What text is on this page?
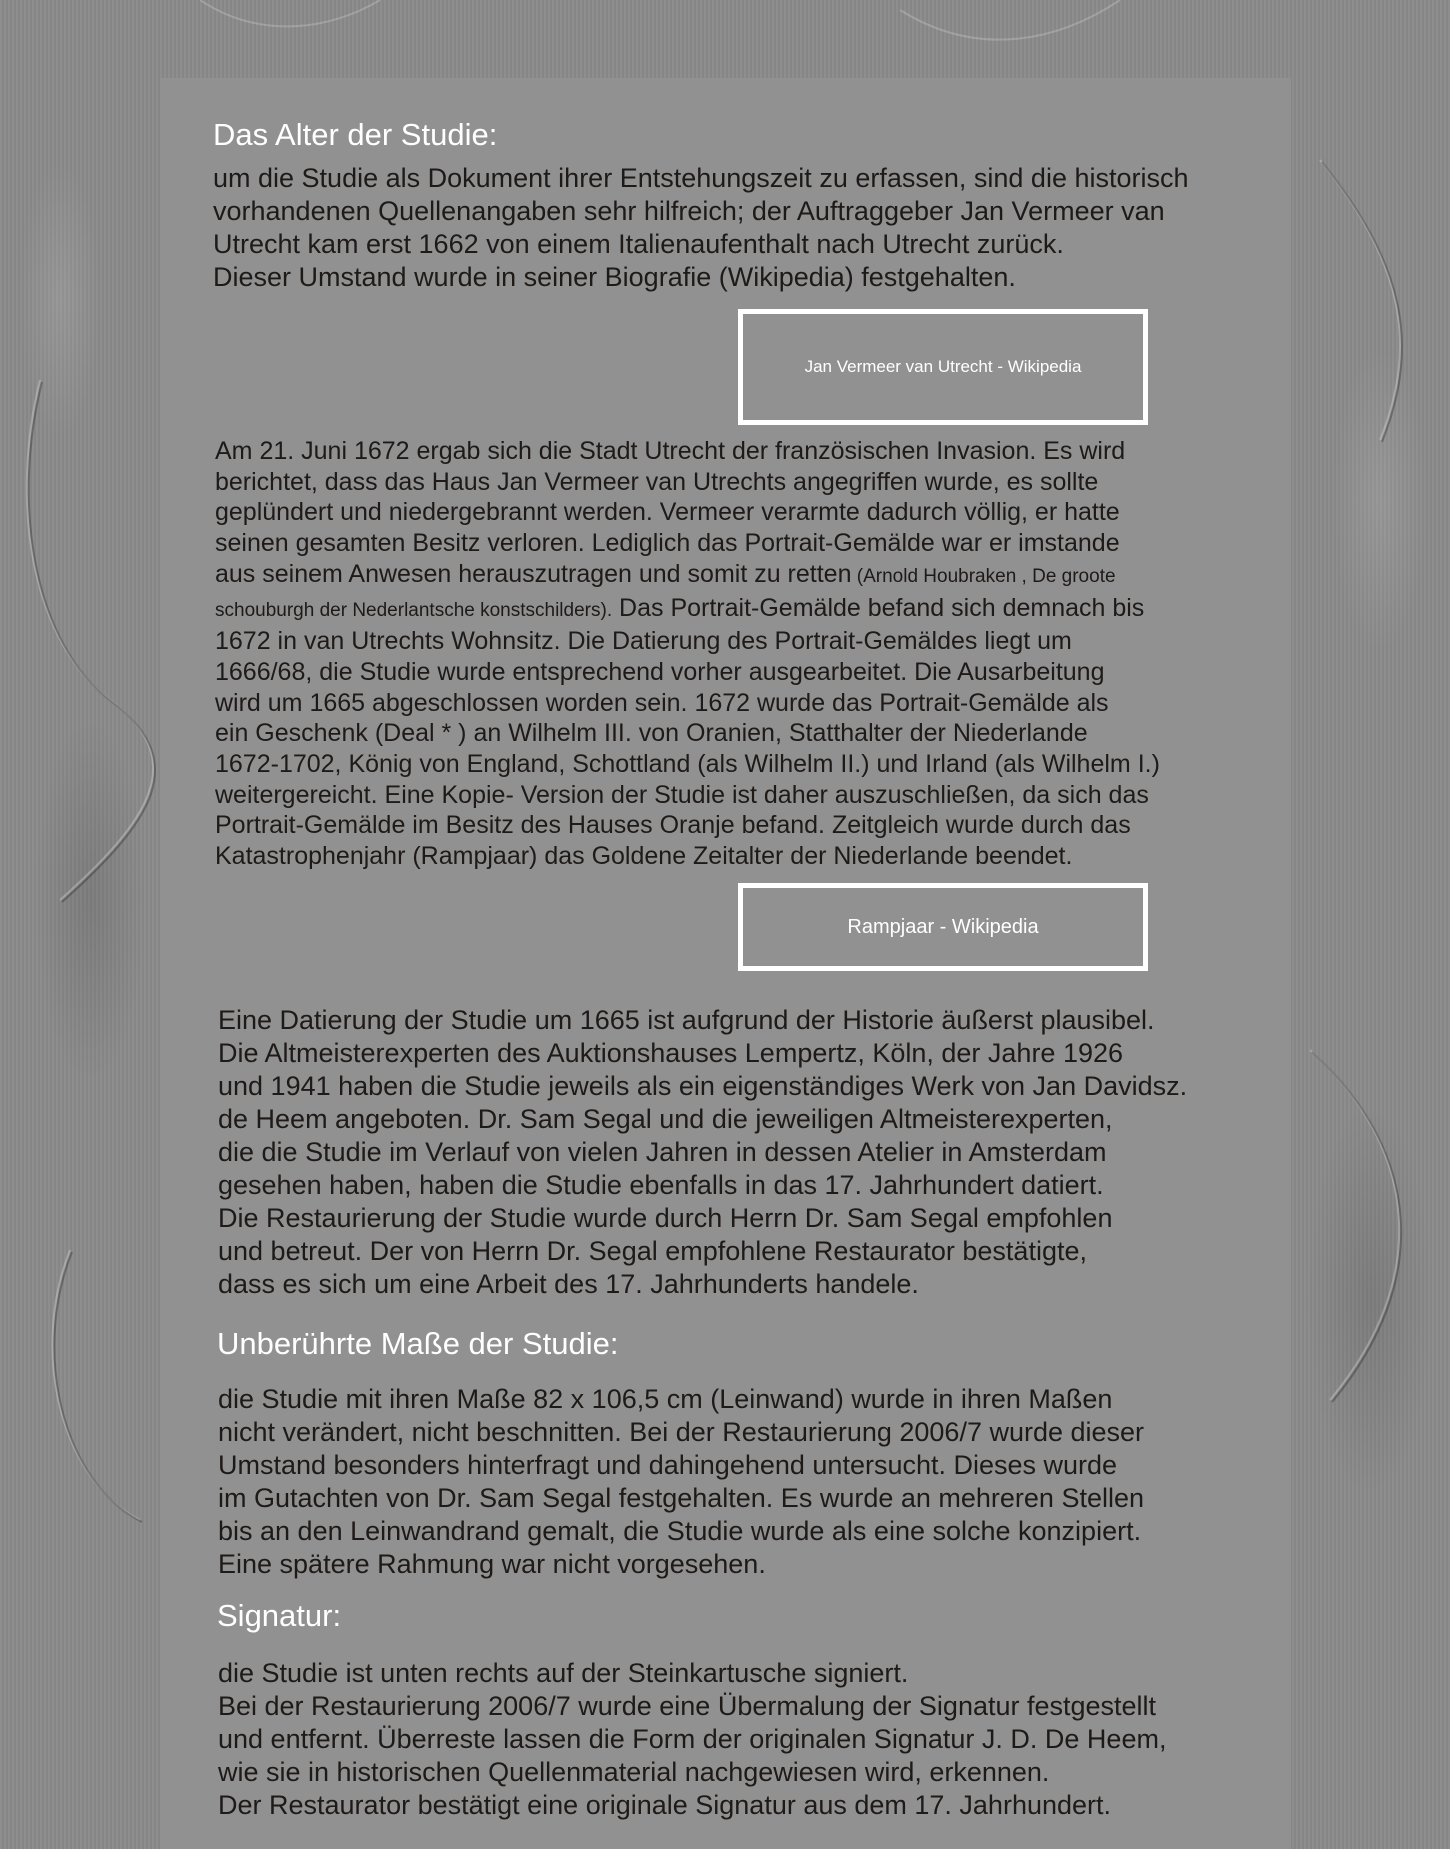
Das Alter der Studie:

um die Studie als Dokument ihrer Entstehungszeit zu erfassen, sind die historisch
vorhandenen Quellenangaben sehr hilfreich; der Auftraggeber Jan Vermeer van
Utrecht kam erst 1662 von einem Italienaufenthalt nach Utrecht zurück.
Dieser Umstand wurde in seiner Biografie (Wikipedia) festgehalten.

Jan Vermeer van Utrecht - Wikipedia

Am 21. Juni 1672 ergab sich die Stadt Utrecht der französischen Invasion. Es wird
berichtet, dass das Haus Jan Vermeer van Utrechts angegriffen wurde, es sollte
geplündert und niedergebrannt werden. Vermeer verarmte dadurch völlig, er hatte
seinen gesamten Besitz verloren. Lediglich das Portrait-Gemälde war er imstande
aus seinem Anwesen herauszutragen und somit zu retten (Arnold Houbraken , De groote
schouburgh der Nederlantsche konstschilders). Das Portrait-Gemälde befand sich demnach bis
1672 in van Utrechts Wohnsitz. Die Datierung des Portrait-Gemäldes liegt um
1666/68, die Studie wurde entsprechend vorher ausgearbeitet. Die Ausarbeitung
wird um 1665 abgeschlossen worden sein. 1672 wurde das Portrait-Gemälde als
ein Geschenk (Deal * ) an Wilhelm III. von Oranien, Statthalter der Niederlande
1672-1702, König von England, Schottland (als Wilhelm II.) und Irland (als Wilhelm I.)
weitergereicht. Eine Kopie- Version der Studie ist daher auszuschließen, da sich das
Portrait-Gemälde im Besitz des Hauses Oranje befand. Zeitgleich wurde durch das
Katastrophenjahr (Rampjaar) das Goldene Zeitalter der Niederlande beendet.

Rampjaar - Wikipedia

Eine Datierung der Studie um 1665 ist aufgrund der Historie äußerst plausibel.
Die Altmeisterexperten des Auktionshauses Lempertz, Köln, der Jahre 1926
und 1941 haben die Studie jeweils als ein eigenständiges Werk von Jan Davidsz.
de Heem angeboten. Dr. Sam Segal und die jeweiligen Altmeisterexperten,
die die Studie im Verlauf von vielen Jahren in dessen Atelier in Amsterdam
gesehen haben, haben die Studie ebenfalls in das 17. Jahrhundert datiert.
Die Restaurierung der Studie wurde durch Herrn Dr. Sam Segal empfohlen
und betreut. Der von Herrn Dr. Segal empfohlene Restaurator bestätigte,
dass es sich um eine Arbeit des 17. Jahrhunderts handele.

Unberührte Maße der Studie:

die Studie mit ihren Maße 82 x 106,5 cm (Leinwand) wurde in ihren Maßen
nicht verändert, nicht beschnitten. Bei der Restaurierung 2006/7 wurde dieser
Umstand besonders hinterfragt und dahingehend untersucht. Dieses wurde
im Gutachten von Dr. Sam Segal festgehalten. Es wurde an mehreren Stellen
bis an den Leinwandrand gemalt, die Studie wurde als eine solche konzipiert.
Eine spätere Rahmung war nicht vorgesehen.

Signatur:

die Studie ist unten rechts auf der Steinkartusche signiert.
Bei der Restaurierung 2006/7 wurde eine Übermalung der Signatur festgestellt
und entfernt. Überreste lassen die Form der originalen Signatur J. D. De Heem,
wie sie in historischen Quellenmaterial nachgewiesen wird, erkennen.
Der Restaurator bestätigt eine originale Signatur aus dem 17. Jahrhundert.
